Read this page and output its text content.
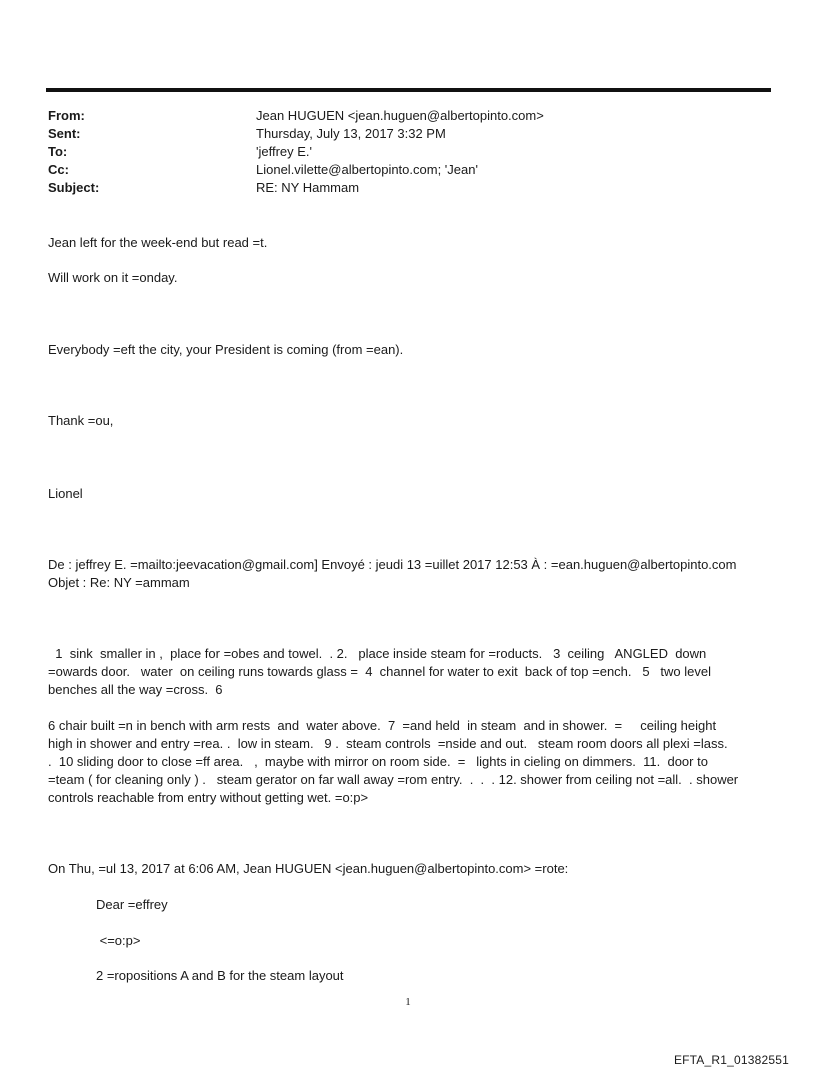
From:	Jean HUGUEN <jean.huguen@albertopinto.com>
Sent:	Thursday, July 13, 2017 3:32 PM
To:	'jeffrey E.'
Cc:	Lionel.vilette@albertopinto.com; 'Jean'
Subject:	RE: NY Hammam
Jean left for the week-end but read =t.
Will work on it =onday.
Everybody =eft the city, your President is coming (from =ean).
Thank =ou,
Lionel
De : jeffrey E. =mailto:jeevacation@gmail.com] Envoyé : jeudi 13 =uillet 2017 12:53 À : =ean.huguen@albertopinto.com
Objet : Re: NY =ammam
1  sink  smaller in ,  place for =obes and towel.  . 2.   place inside steam for =roducts.   3  ceiling   ANGLED  down
=owards door.   water  on ceiling runs towards glass =  4  channel for water to exit  back of top =ench.   5   two level
benches all the way =cross.  6
6 chair built =n in bench with arm rests  and  water above.  7  =and held  in steam  and in shower.  =     ceiling height
high in shower and entry =rea. .  low in steam.   9 .  steam controls  =nside and out.   steam room doors all plexi =lass.
.  10 sliding door to close =ff area.   ,  maybe with mirror on room side.  =   lights in cieling on dimmers.  11.  door to
=team ( for cleaning only ) .   steam gerator on far wall away =rom entry.  .  .  . 12. shower from ceiling not =all.  . shower
controls reachable from entry without getting wet. =o:p>
On Thu, =ul 13, 2017 at 6:06 AM, Jean HUGUEN <jean.huguen@albertopinto.com> =rote:
Dear =effrey
<=o:p>
2 =ropositions A and B for the steam layout
1
EFTA_R1_01382551
